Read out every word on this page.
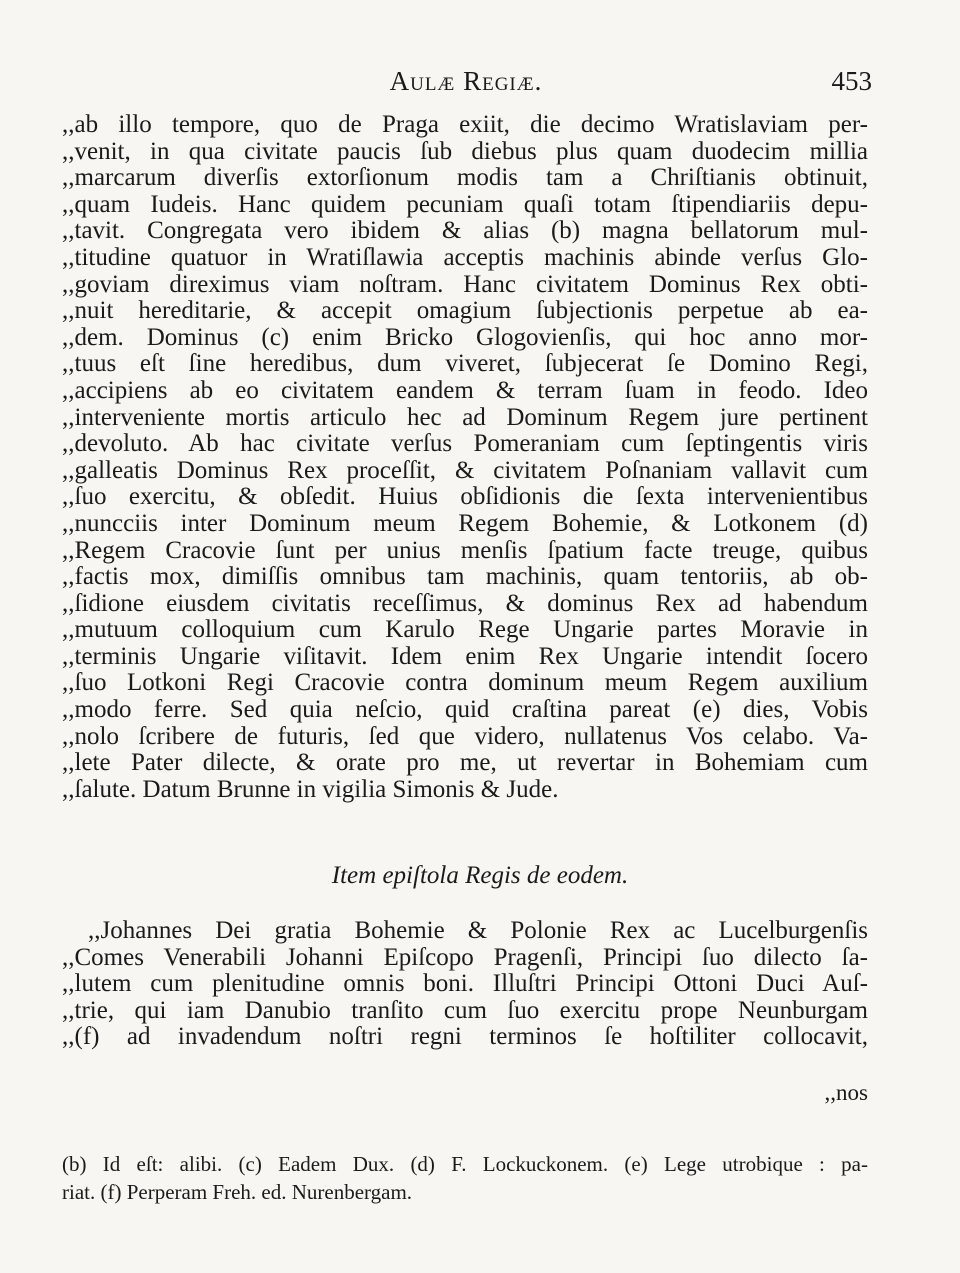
Aulæ Regiæ.	453
,,ab illo tempore, quo de Praga exiit, die decimo Wratislaviam per-
,,venit, in qua civitate paucis ſub diebus plus quam duodecim millia
,,marcarum diverſis extorſionum modis tam a Chriſtianis obtinuit,
,,quam Iudeis. Hanc quidem pecuniam quaſi totam ſtipendiariis depu-
,,tavit. Congregata vero ibidem & alias (b) magna bellatorum mul-
,,titudine quatuor in Wratiſlawia acceptis machinis abinde verſus Glo-
,,goviam direximus viam noſtram. Hanc civitatem Dominus Rex obti-
,,nuit hereditarie, & accepit omagium ſubjectionis perpetue ab ea-
,,dem. Dominus (c) enim Bricko Glogovienſis, qui hoc anno mor-
,,tuus eſt ſine heredibus, dum viveret, ſubjecerat ſe Domino Regi,
,,accipiens ab eo civitatem eandem & terram ſuam in feodo. Ideo
,,interveniente mortis articulo hec ad Dominum Regem jure pertinent
,,devoluto. Ab hac civitate verſus Pomeraniam cum ſeptingentis viris
,,galleatis Dominus Rex proceſſit, & civitatem Poſnaniam vallavit cum
,,ſuo exercitu, & obſedit. Huius obſidionis die ſexta intervenientibus
,,nuncciis inter Dominum meum Regem Bohemie, & Lotkonem (d)
,,Regem Cracovie ſunt per unius menſis ſpatium facte treuge, quibus
,,factis mox, dimiſſis omnibus tam machinis, quam tentoriis, ab ob-
,,ſidione eiusdem civitatis receſſimus, & dominus Rex ad habendum
,,mutuum colloquium cum Karulo Rege Ungarie partes Moravie in
,,terminis Ungarie viſitavit. Idem enim Rex Ungarie intendit ſocero
,,ſuo Lotkoni Regi Cracovie contra dominum meum Regem auxilium
,,modo ferre. Sed quia neſcio, quid craſtina pareat (e) dies, Vobis
,,nolo ſcribere de futuris, ſed que videro, nullatenus Vos celabo. Va-
,,lete Pater dilecte, & orate pro me, ut revertar in Bohemiam cum
,,ſalute. Datum Brunne in vigilia Simonis & Jude.
Item epiſtola Regis de eodem.
,,Johannes Dei gratia Bohemie & Polonie Rex ac Lucelburgenſis
,,Comes Venerabili Johanni Epiſcopo Pragenſi, Principi ſuo dilecto ſa-
,,lutem cum plenitudine omnis boni. Illuſtri Principi Ottoni Duci Auſ-
,,trie, qui iam Danubio tranſito cum ſuo exercitu prope Neunburgam
,,(f) ad invadendum noſtri regni terminos ſe hoſtiliter collocavit,
,,nos
(b) Id eſt: alibi. (c) Eadem Dux. (d) F. Lockuckonem. (e) Lege utrobique : pa-
riat. (f) Perperam Freh. ed. Nurenbergam.
